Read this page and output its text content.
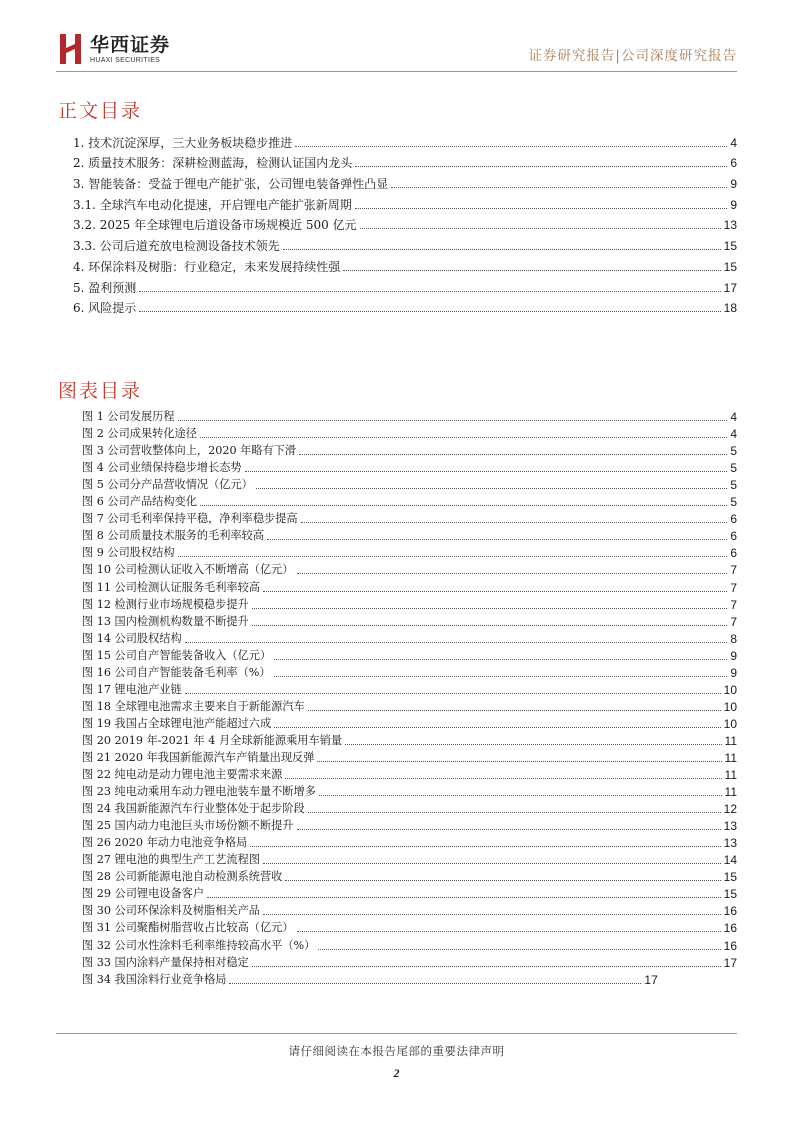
华西证券
HUAXI SECURITIES	证券研究报告|公司深度研究报告
正文目录
1. 技术沉淀深厚，三大业务板块稳步推进	4
2. 质量技术服务：深耕检测蓝海，检测认证国内龙头	6
3. 智能装备：受益于锂电产能扩张，公司锂电装备弹性凸显	9
3.1. 全球汽车电动化提速，开启锂电产能扩张新周期	9
3.2. 2025 年全球锂电后道设备市场规模近 500 亿元	13
3.3. 公司后道充放电检测设备技术领先	15
4. 环保涂料及树脂：行业稳定，未来发展持续性强	15
5. 盈利预测	17
6. 风险提示	18
图表目录
图 1 公司发展历程	4
图 2 公司成果转化途径	4
图 3 公司营收整体向上，2020 年略有下滑	5
图 4 公司业绩保持稳步增长态势	5
图 5 公司分产品营收情况（亿元）	5
图 6 公司产品结构变化	5
图 7 公司毛利率保持平稳，净利率稳步提高	6
图 8 公司质量技术服务的毛利率较高	6
图 9 公司股权结构	6
图 10 公司检测认证收入不断增高（亿元）	7
图 11 公司检测认证服务毛利率较高	7
图 12 检测行业市场规模稳步提升	7
图 13 国内检测机构数量不断提升	7
图 14 公司股权结构	8
图 15 公司自产智能装备收入（亿元）	9
图 16 公司自产智能装备毛利率（%）	9
图 17 锂电池产业链	10
图 18 全球锂电池需求主要来自于新能源汽车	10
图 19 我国占全球锂电池产能超过六成	10
图 20 2019 年-2021 年 4 月全球新能源乘用车销量	11
图 21 2020 年我国新能源汽车产销量出现反弹	11
图 22 纯电动是动力锂电池主要需求来源	11
图 23 纯电动乘用车动力锂电池装车量不断增多	11
图 24 我国新能源汽车行业整体处于起步阶段	12
图 25 国内动力电池巨头市场份额不断提升	13
图 26 2020 年动力电池竞争格局	13
图 27 锂电池的典型生产工艺流程图	14
图 28 公司新能源电池自动检测系统营收	15
图 29 公司锂电设备客户	15
图 30 公司环保涂料及树脂相关产品	16
图 31 公司聚酯树脂营收占比较高（亿元）	16
图 32 公司水性涂料毛利率维持较高水平（%）	16
图 33 国内涂料产量保持相对稳定	17
图 34 我国涂料行业竞争格局	17
请仔细阅读在本报告尾部的重要法律声明
2
